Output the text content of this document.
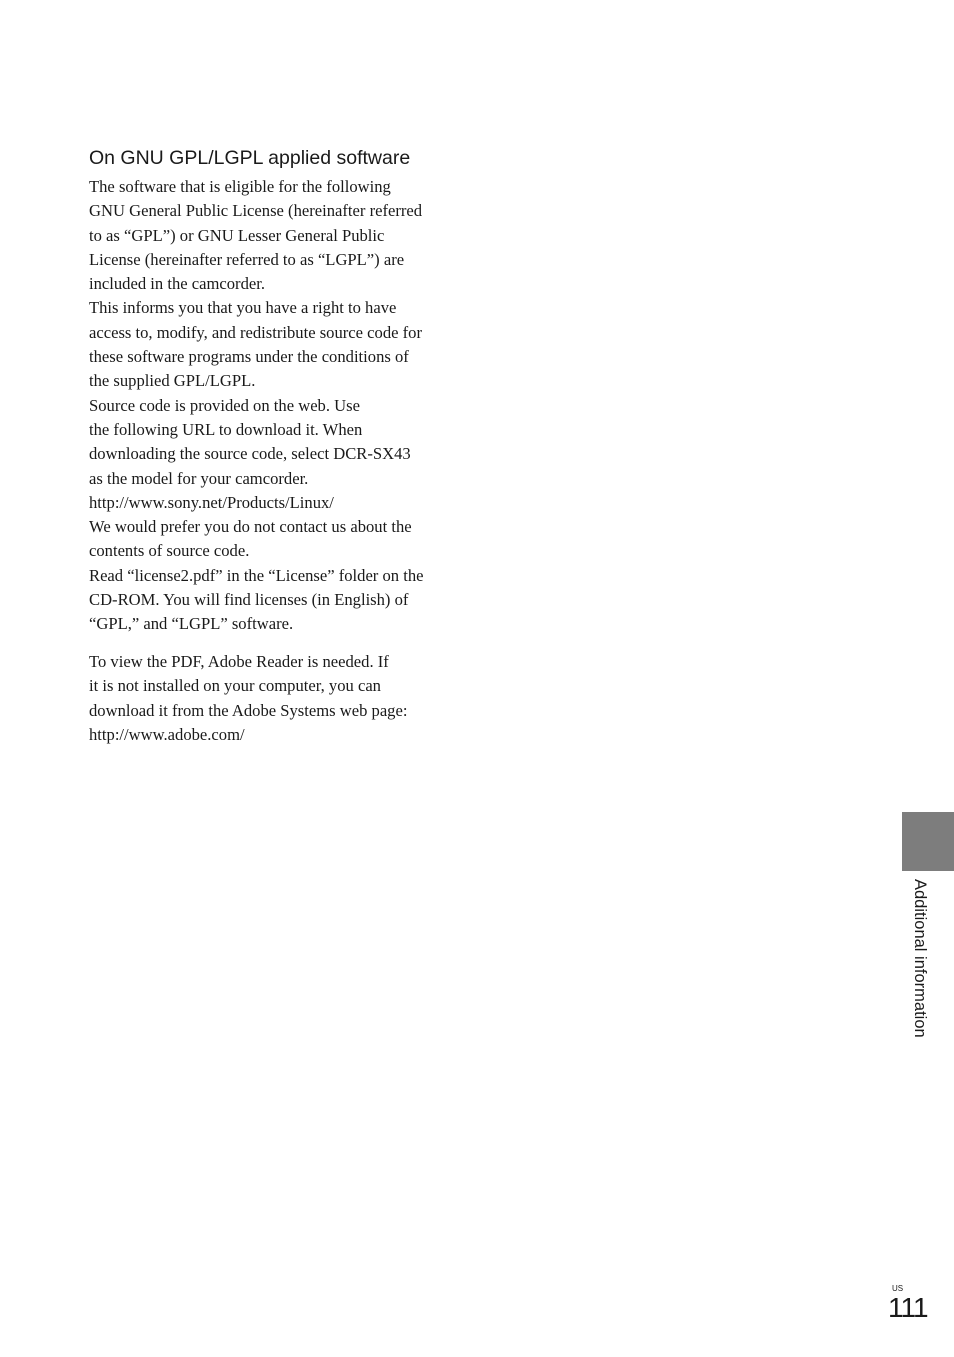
On GNU GPL/LGPL applied software
The software that is eligible for the following
GNU General Public License (hereinafter referred
to as “GPL”) or GNU Lesser General Public
License (hereinafter referred to as “LGPL”) are
included in the camcorder.
This informs you that you have a right to have
access to, modify, and redistribute source code for
these software programs under the conditions of
the supplied GPL/LGPL.
Source code is provided on the web. Use
the following URL to download it. When
downloading the source code, select DCR-SX43
as the model for your camcorder.
http://www.sony.net/Products/Linux/
We would prefer you do not contact us about the
contents of source code.
Read “license2.pdf” in the “License” folder on the
CD-ROM. You will find licenses (in English) of
“GPL,” and “LGPL” software.
To view the PDF, Adobe Reader is needed. If
it is not installed on your computer, you can
download it from the Adobe Systems web page:
http://www.adobe.com/
Additional information
US
111
